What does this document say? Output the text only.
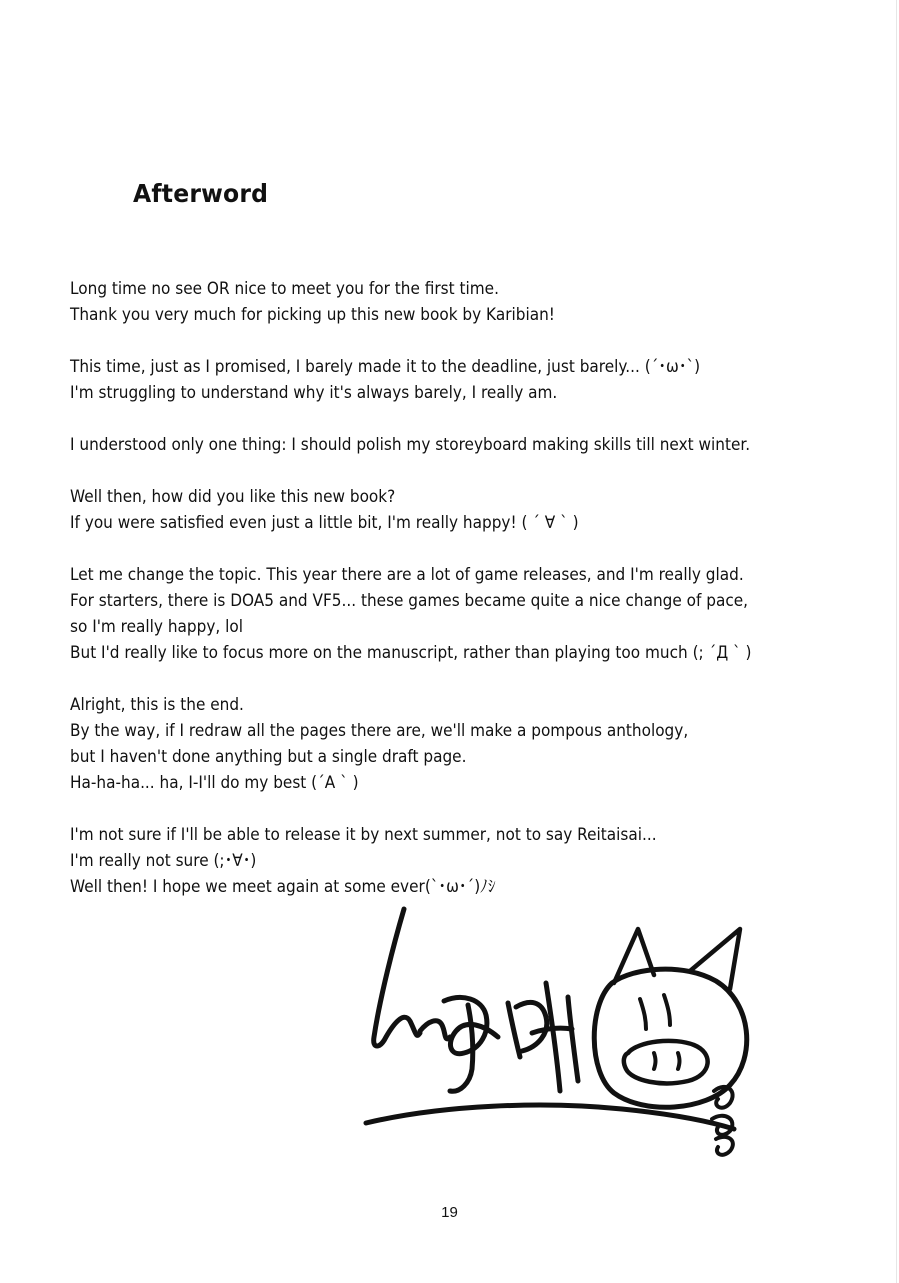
Afterword
Long time no see OR nice to meet you for the first time.
Thank you very much for picking up this new book by Karibian!
This time, just as I promised, I barely made it to the deadline, just barely... (´･ω･`)
I'm struggling to understand why it's always barely, I really am.
I understood only one thing: I should polish my storeyboard making skills till next winter.
Well then, how did you like this new book?
If you were satisfied even just a little bit, I'm really happy! ( ´ ∀ ` )
Let me change the topic. This year there are a lot of game releases, and I'm really glad.
For starters, there is DOA5 and VF5... these games became quite a nice change of pace,
so I'm really happy, lol
But I'd really like to focus more on the manuscript, rather than playing too much (; ´Д ` )
Alright, this is the end.
By the way, if I redraw all the pages there are, we'll make a pompous anthology,
but I haven't done anything but a single draft page.
Ha-ha-ha... ha, I-I'll do my best (´A ` )
I'm not sure if I'll be able to release it by next summer, not to say Reitaisai...
I'm really not sure (;･∀･)
Well then! I hope we meet again at some ever(`･ω･´)ﾉｼ
19
